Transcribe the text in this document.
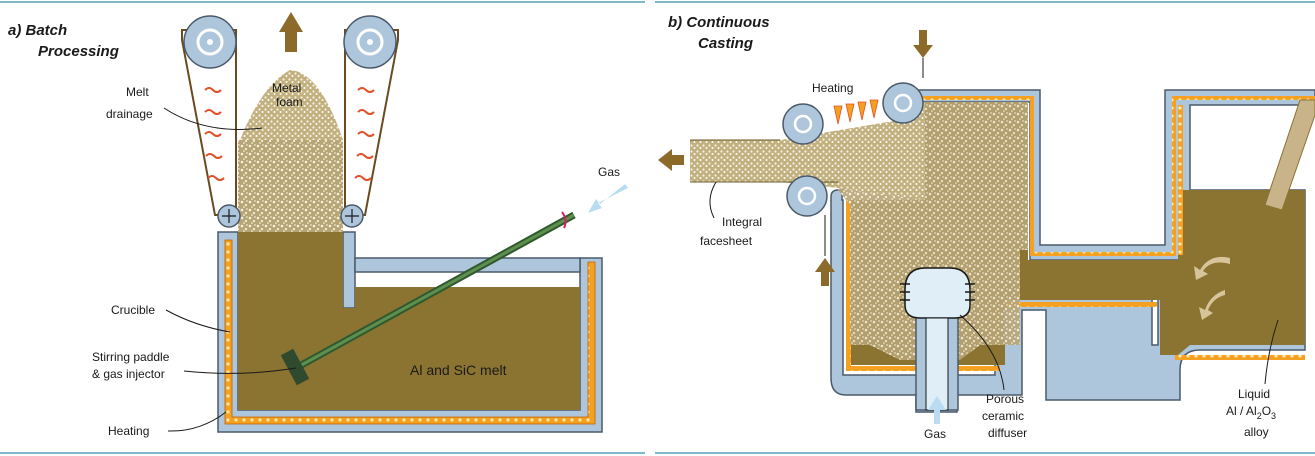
a) Batch
Processing
Metal
foam
Melt
drainage
Gas
Crucible
Stirring paddle
& gas injector	Al and SiC melt
Heating
b) Continuous
Casting
Heating
Integral
facesheet
Gas
Porous
ceramic
diffuser
Liquid
Al / $Al_2O_3$
alloy
